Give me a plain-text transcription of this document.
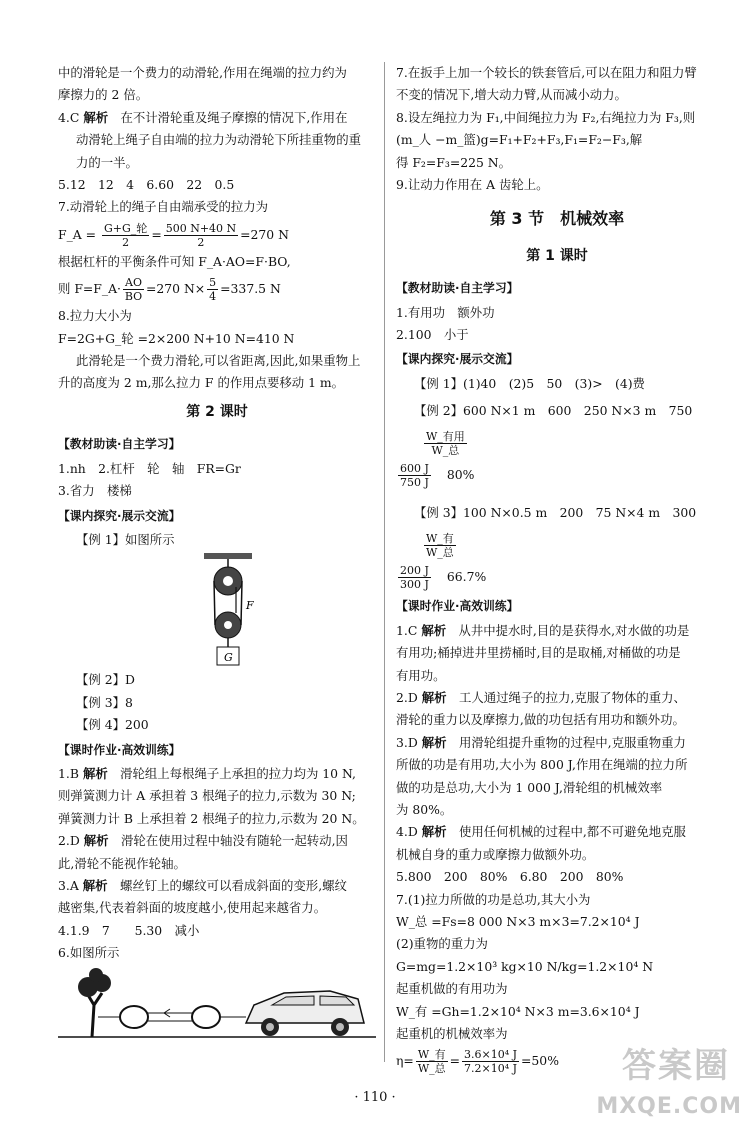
中的滑轮是一个费力的动滑轮,作用在绳端的拉力约为

摩擦力的 2 倍。

4.C 解析　 在不计滑轮重及绳子摩擦的情况下,作用在

动滑轮上绳子自由端的拉力为动滑轮下所挂重物的重

力的一半。

5.12　12　4　6.60　22　0.5

7.动滑轮上的绳子自由端承受的拉力为

F_A = G+G_轮
2
= $\frac{500 N+40 N}{2} =270$ N

根据杠杆的平衡条件可知 F_A·AO=F·BO,

则 F=F_A· $\frac{AO}{BO} =270$ $N\times \frac{5}{4} =337.5$ N

8.拉力大小为

F=2G+G_轮 =2×200 N+10 N=410 N

此滑轮是一个费力滑轮,可以省距离,因此,如果重物上

升的高度为 2 m,那么拉力 F 的作用点要移动 1 m。

第 2 课时

【教材助读·自主学习】

1.nh　2.杠杆　轮　轴　FR=Gr

3.省力　楼梯

【课内探究·展示交流】

【例 1】如图所示

G
F

【例 2】D

【例 3】8

【例 4】200

【课时作业·高效训练】

1.B 解析　 滑轮组上每根绳子上承担的拉力均为 10 N,

则弹簧测力计 A 承担着 3 根绳子的拉力,示数为 30 N;

弹簧测力计 B 上承担着 2 根绳子的拉力,示数为 20 N。

2.D 解析　 滑轮在使用过程中轴没有随轮一起转动,因

此,滑轮不能视作轮轴。

3.A 解析　 螺丝钉上的螺纹可以看成斜面的变形,螺纹

越密集,代表着斜面的坡度越小,使用起来越省力。

4.1.9　7　　5.30　减小

6.如图所示

7.在扳手上加一个较长的铁套管后,可以在阻力和阻力臂

不变的情况下,增大动力臂,从而减小动力。

8.设左绳拉力为 F₁,中间绳拉力为 F₂,右绳拉力为 F₃,则

(m_人 −m_篮)g=F₁+F₂+F₃,F₁=F₂−F₃,解

得 F₂=F₃=225 N。

9.让动力作用在 A 齿轮上。

第 3 节　机械效率
第 1 课时

【教材助读·自主学习】

1.有用功　额外功

2.100　小于

【课内探究·展示交流】

【例 1】(1)40　(2)5　50　(3)>　(4)费

【例 2】600 N×1 m　600　250 N×3 m　750
W_有用
W_总

$\frac{600 J}{750 J} 80\%$

【例 3】100 N×0.5 m　200　75 N×4 m　300
W_有
W_总

$\frac{200 J}{300 J} 66.7\%$

【课时作业·高效训练】

1.C 解析　 从井中提水时,目的是获得水,对水做的功是

有用功;桶掉进井里捞桶时,目的是取桶,对桶做的功是

有用功。

2.D 解析　 工人通过绳子的拉力,克服了物体的重力、

滑轮的重力以及摩擦力,做的功包括有用功和额外功。

3.D 解析　 用滑轮组提升重物的过程中,克服重物重力

所做的功是有用功,大小为 800 J,作用在绳端的拉力所

做的功是总功,大小为 1 000 J,滑轮组的机械效率

为 80%。

4.D 解析　 使用任何机械的过程中,都不可避免地克服

机械自身的重力或摩擦力做额外功。

5.800　200　80%　6.80　200　80%

7.(1)拉力所做的功是总功,其大小为

W_总 =Fs=8 000 N×3 m×3=7.2×10⁴ J

(2)重物的重力为

G=mg=1.2×10³ kg×10 N/kg=1.2×10⁴ N

起重机做的有用功为

W_有 =Gh=1.2×10⁴ N×3 m=3.6×10⁴ J

起重机的机械效率为

η= W_有
W_总
= $\frac{\text{3.6×10⁴ J}}{\text{7.2×10⁴ J}} =50\%$

· 110 ·
答案圈
MXQE.COM
